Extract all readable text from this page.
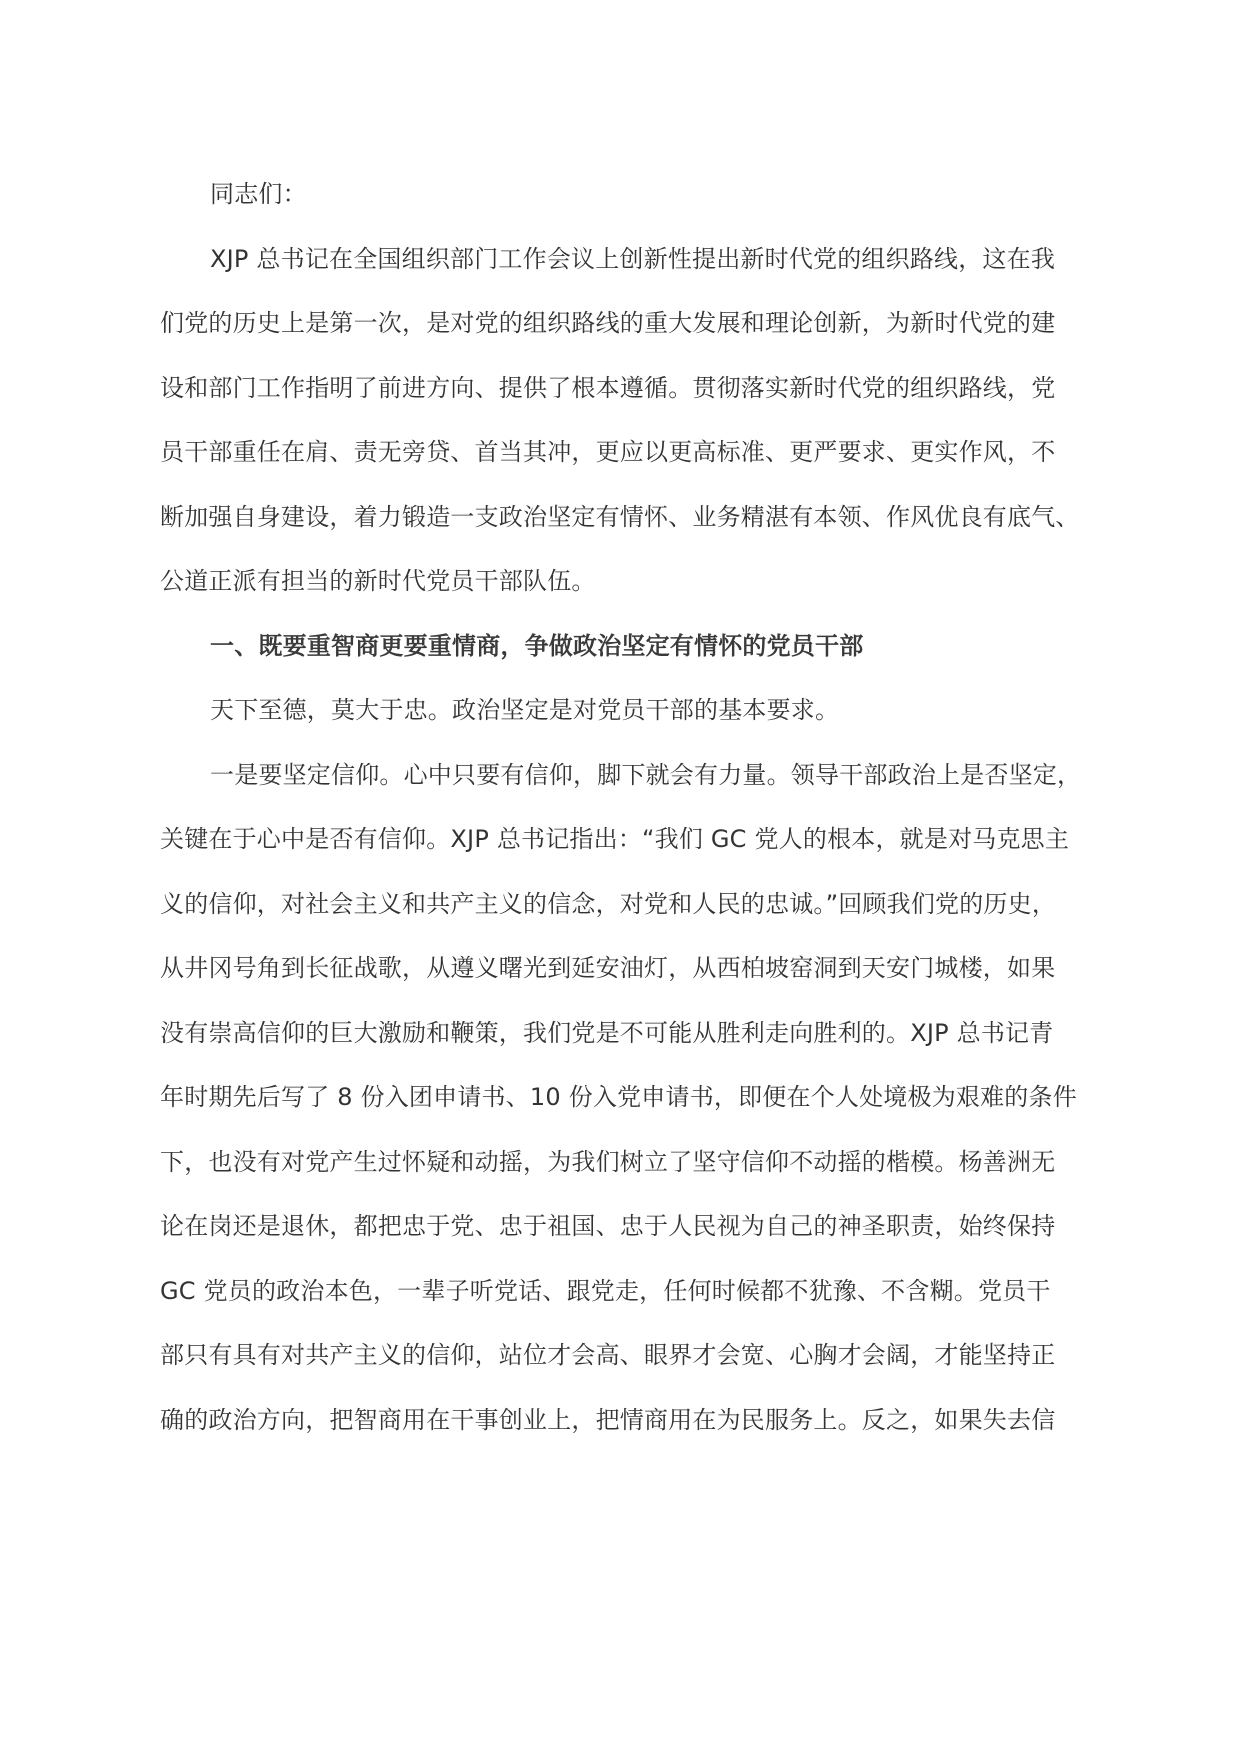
同志们：
XJP 总书记在全国组织部门工作会议上创新性提出新时代党的组织路线，这在我
们党的历史上是第一次，是对党的组织路线的重大发展和理论创新，为新时代党的建
设和部门工作指明了前进方向、提供了根本遵循。贯彻落实新时代党的组织路线，党
员干部重任在肩、责无旁贷、首当其冲，更应以更高标准、更严要求、更实作风，不
断加强自身建设，着力锻造一支政治坚定有情怀、业务精湛有本领、作风优良有底气、
公道正派有担当的新时代党员干部队伍。
一、既要重智商更要重情商，争做政治坚定有情怀的党员干部
天下至德，莫大于忠。政治坚定是对党员干部的基本要求。
一是要坚定信仰。心中只要有信仰，脚下就会有力量。领导干部政治上是否坚定，
关键在于心中是否有信仰。XJP 总书记指出：“我们 GC 党人的根本，就是对马克思主
义的信仰，对社会主义和共产主义的信念，对党和人民的忠诚。”回顾我们党的历史，
从井冈号角到长征战歌，从遵义曙光到延安油灯，从西柏坡窑洞到天安门城楼，如果
没有崇高信仰的巨大激励和鞭策，我们党是不可能从胜利走向胜利的。XJP 总书记青
年时期先后写了 8 份入团申请书、10 份入党申请书，即便在个人处境极为艰难的条件
下，也没有对党产生过怀疑和动摇，为我们树立了坚守信仰不动摇的楷模。杨善洲无
论在岗还是退休，都把忠于党、忠于祖国、忠于人民视为自己的神圣职责，始终保持
GC 党员的政治本色，一辈子听党话、跟党走，任何时候都不犹豫、不含糊。党员干
部只有具有对共产主义的信仰，站位才会高、眼界才会宽、心胸才会阔，才能坚持正
确的政治方向，把智商用在干事创业上，把情商用在为民服务上。反之，如果失去信
